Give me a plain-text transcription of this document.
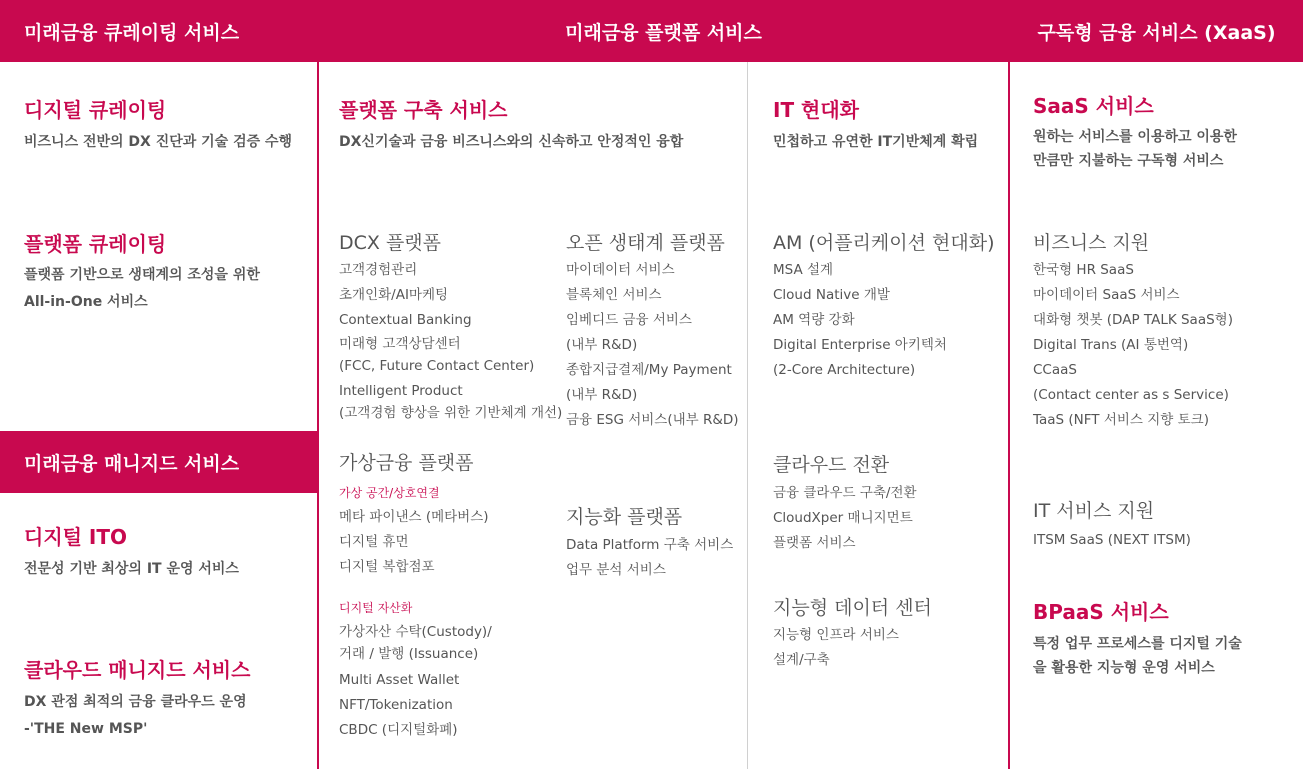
미래금융 큐레이팅 서비스	미래금융 플랫폼 서비스	구독형 금융 서비스 (XaaS)
미래금융 매니지드 서비스
디지털 큐레이팅
비즈니스 전반의 DX 진단과 기술 검증 수행
플랫폼 큐레이팅
플랫폼 기반으로 생태계의 조성을 위한
All-in-One 서비스
디지털 ITO
전문성 기반 최상의 IT 운영 서비스
클라우드 매니지드 서비스
DX 관점 최적의 금융 클라우드 운영
-'THE New MSP'
플랫폼 구축 서비스
DX신기술과 금융 비즈니스와의 신속하고 안정적인 융합
DCX 플랫폼
고객경험관리
초개인화/AI마케팅
Contextual Banking
미래형 고객상담센터
(FCC, Future Contact Center)
Intelligent Product
(고객경험 향상을 위한 기반체계 개선)
오픈 생태계 플랫폼
마이데이터 서비스
블록체인 서비스
임베디드 금융 서비스
(내부 R&D)
종합지급결제/My Payment
(내부 R&D)
금융 ESG 서비스(내부 R&D)
가상금융 플랫폼
가상 공간/상호연결
메타 파이낸스 (메타버스)
디지털 휴먼
디지털 복합점포
디지털 자산화
가상자산 수탁(Custody)/
거래 / 발행 (Issuance)
Multi Asset Wallet
NFT/Tokenization
CBDC (디지털화폐)
지능화 플랫폼
Data Platform 구축 서비스
업무 분석 서비스
IT 현대화
민첩하고 유연한 IT기반체계 확립
AM (어플리케이션 현대화)
MSA 설계
Cloud Native 개발
AM 역량 강화
Digital Enterprise 아키텍처
(2-Core Architecture)
클라우드 전환
금융 클라우드 구축/전환
CloudXper 매니지먼트
플랫폼 서비스
지능형 데이터 센터
지능형 인프라 서비스
설계/구축
SaaS 서비스
원하는 서비스를 이용하고 이용한
만큼만 지불하는 구독형 서비스
비즈니스 지원
한국형 HR SaaS
마이데이터 SaaS 서비스
대화형 챗봇 (DAP TALK SaaS형)
Digital Trans (AI 통번역)
CCaaS
(Contact center as s Service)
TaaS (NFT 서비스 지향 토크)
IT 서비스 지원
ITSM SaaS (NEXT ITSM)
BPaaS 서비스
특정 업무 프로세스를 디지털 기술
을 활용한 지능형 운영 서비스
